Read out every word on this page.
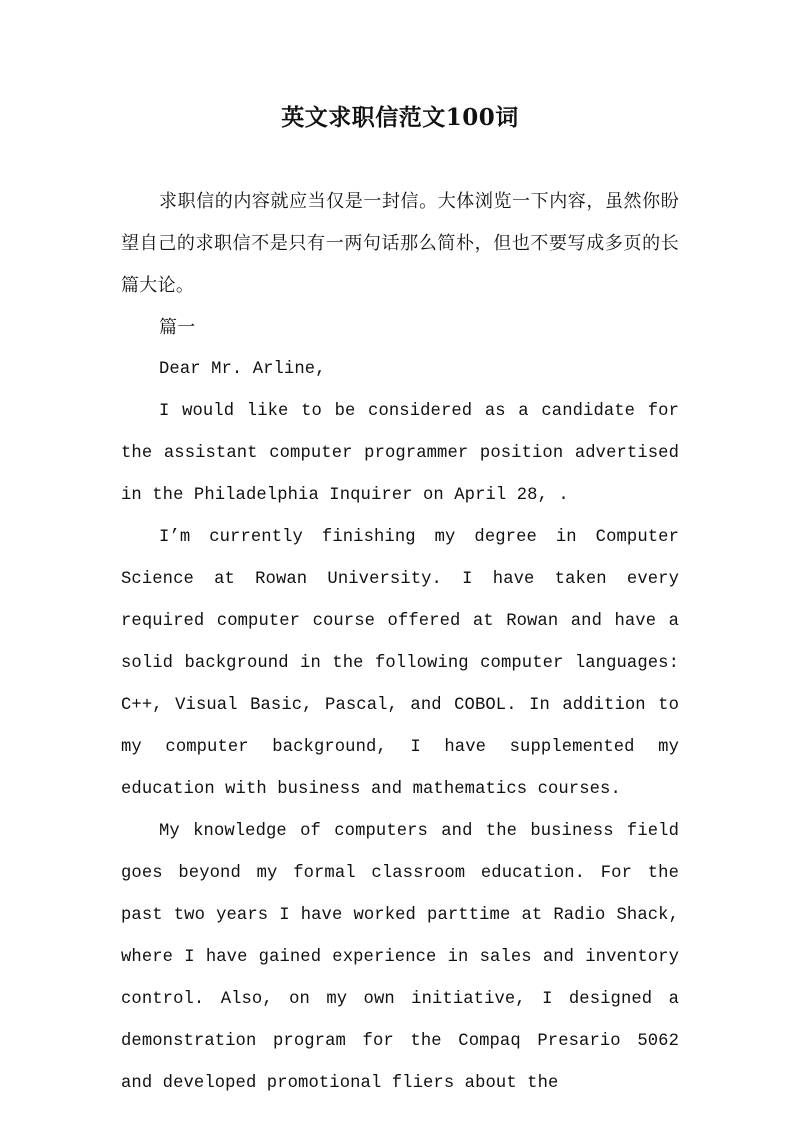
英文求职信范文100词

求职信的内容就应当仅是一封信。大体浏览一下内容，虽然你盼望自己的求职信不是只有一两句话那么简朴，但也不要写成多页的长篇大论。

篇一

Dear Mr. Arline,

I would like to be considered as a candidate for the assistant computer programmer position advertised in the Philadelphia Inquirer on April 28, .

I’m currently finishing my degree in Computer Science at Rowan University. I have taken every required computer course offered at Rowan and have a solid background in the following computer languages: C++, Visual Basic, Pascal, and COBOL. In addition to my computer background, I have supplemented my education with business and mathematics courses.

My knowledge of computers and the business field goes beyond my formal classroom education. For the past two years I have worked parttime at Radio Shack, where I have gained experience in sales and inventory control. Also, on my own initiative, I designed a demonstration program for the Compaq Presario 5062 and developed promotional fliers about the
